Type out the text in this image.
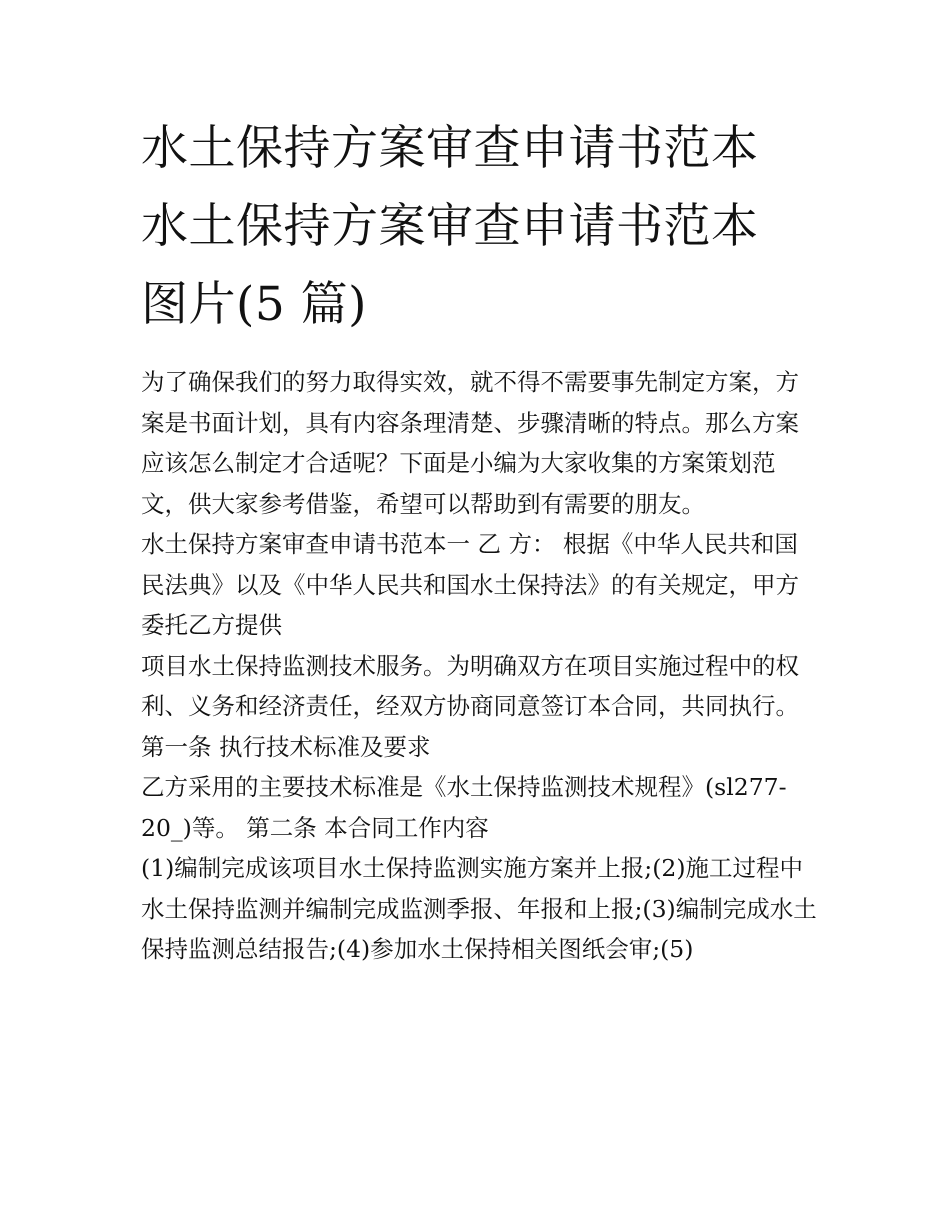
水土保持方案审查申请书范本
水土保持方案审查申请书范本
图片(5 篇)

为了确保我们的努力取得实效，就不得不需要事先制定方案，方案是书面计划，具有内容条理清楚、步骤清晰的特点。那么方案应该怎么制定才合适呢？下面是小编为大家收集的方案策划范文，供大家参考借鉴，希望可以帮助到有需要的朋友。

水土保持方案审查申请书范本一 乙 方： 根据《中华人民共和国民法典》以及《中华人民共和国水土保持法》的有关规定，甲方委托乙方提供

项目水土保持监测技术服务。为明确双方在项目实施过程中的权利、义务和经济责任，经双方协商同意签订本合同，共同执行。 第一条 执行技术标准及要求

乙方采用的主要技术标准是《水土保持监测技术规程》(sl277-20_)等。 第二条 本合同工作内容

(1)编制完成该项目水土保持监测实施方案并上报;(2)施工过程中水土保持监测并编制完成监测季报、年报和上报;(3)编制完成水土保持监测总结报告;(4)参加水土保持相关图纸会审;(5)
